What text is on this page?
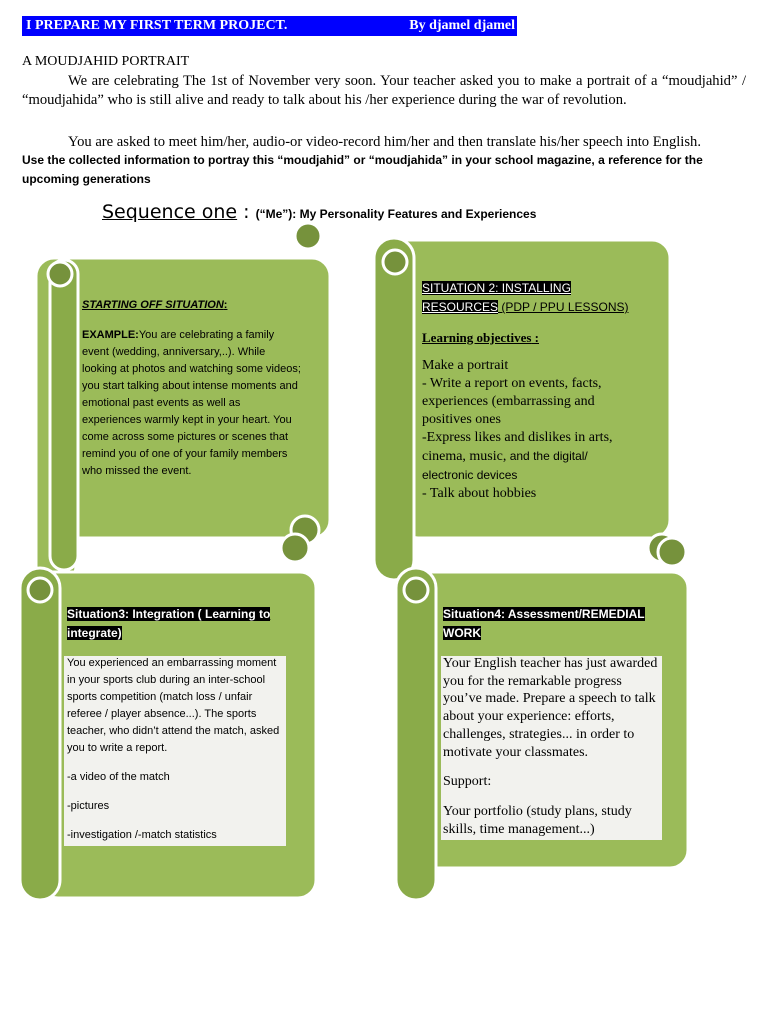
I PREPARE MY FIRST TERM PROJECT.	By djamel djamel
A MOUDJAHID PORTRAIT
We are celebrating The 1st of November very soon. Your teacher asked you to make a portrait of a “moudjahid” / “moudjahida” who is still alive and ready to talk about his /her experience during the war of revolution.
You are asked to meet him/her, audio-or video-record him/her and then translate his/her speech into English.
Use the collected information to portray this “moudjahid” or “moudjahida” in your school magazine, a reference for the upcoming generations
Sequence one : (“Me”): My Personality Features and Experiences
STARTING OFF SITUATION:
EXAMPLE:You are celebrating a family event (wedding, anniversary,..). While looking at photos and watching some videos; you start talking about intense moments and emotional past events as well as experiences warmly kept in your heart. You come across some pictures or scenes that remind you of one of your family members who missed the event.
SITUATION 2: INSTALLING RESOURCES (PDP / PPU LESSONS)
Learning objectives :
Make a portrait
- Write a report on events, facts, experiences (embarrassing and positives ones
-Express likes and dislikes in arts, cinema, music, and the digital/ electronic devices
- Talk about hobbies
Situation3: Integration ( Learning to integrate)

You experienced an embarrassing moment in your sports club during an inter-school sports competition (match loss / unfair referee / player absence...). The sports teacher, who didn’t attend the match, asked you to write a report.

-a video of the match

-pictures

-investigation /-match statistics

Situation4: Assessment/REMEDIAL WORK

Your English teacher has just awarded you for the remarkable progress you’ve made. Prepare a speech to talk about your experience: efforts, challenges, strategies... in order to motivate your classmates.

Support:

Your portfolio (study plans, study skills, time management...)
